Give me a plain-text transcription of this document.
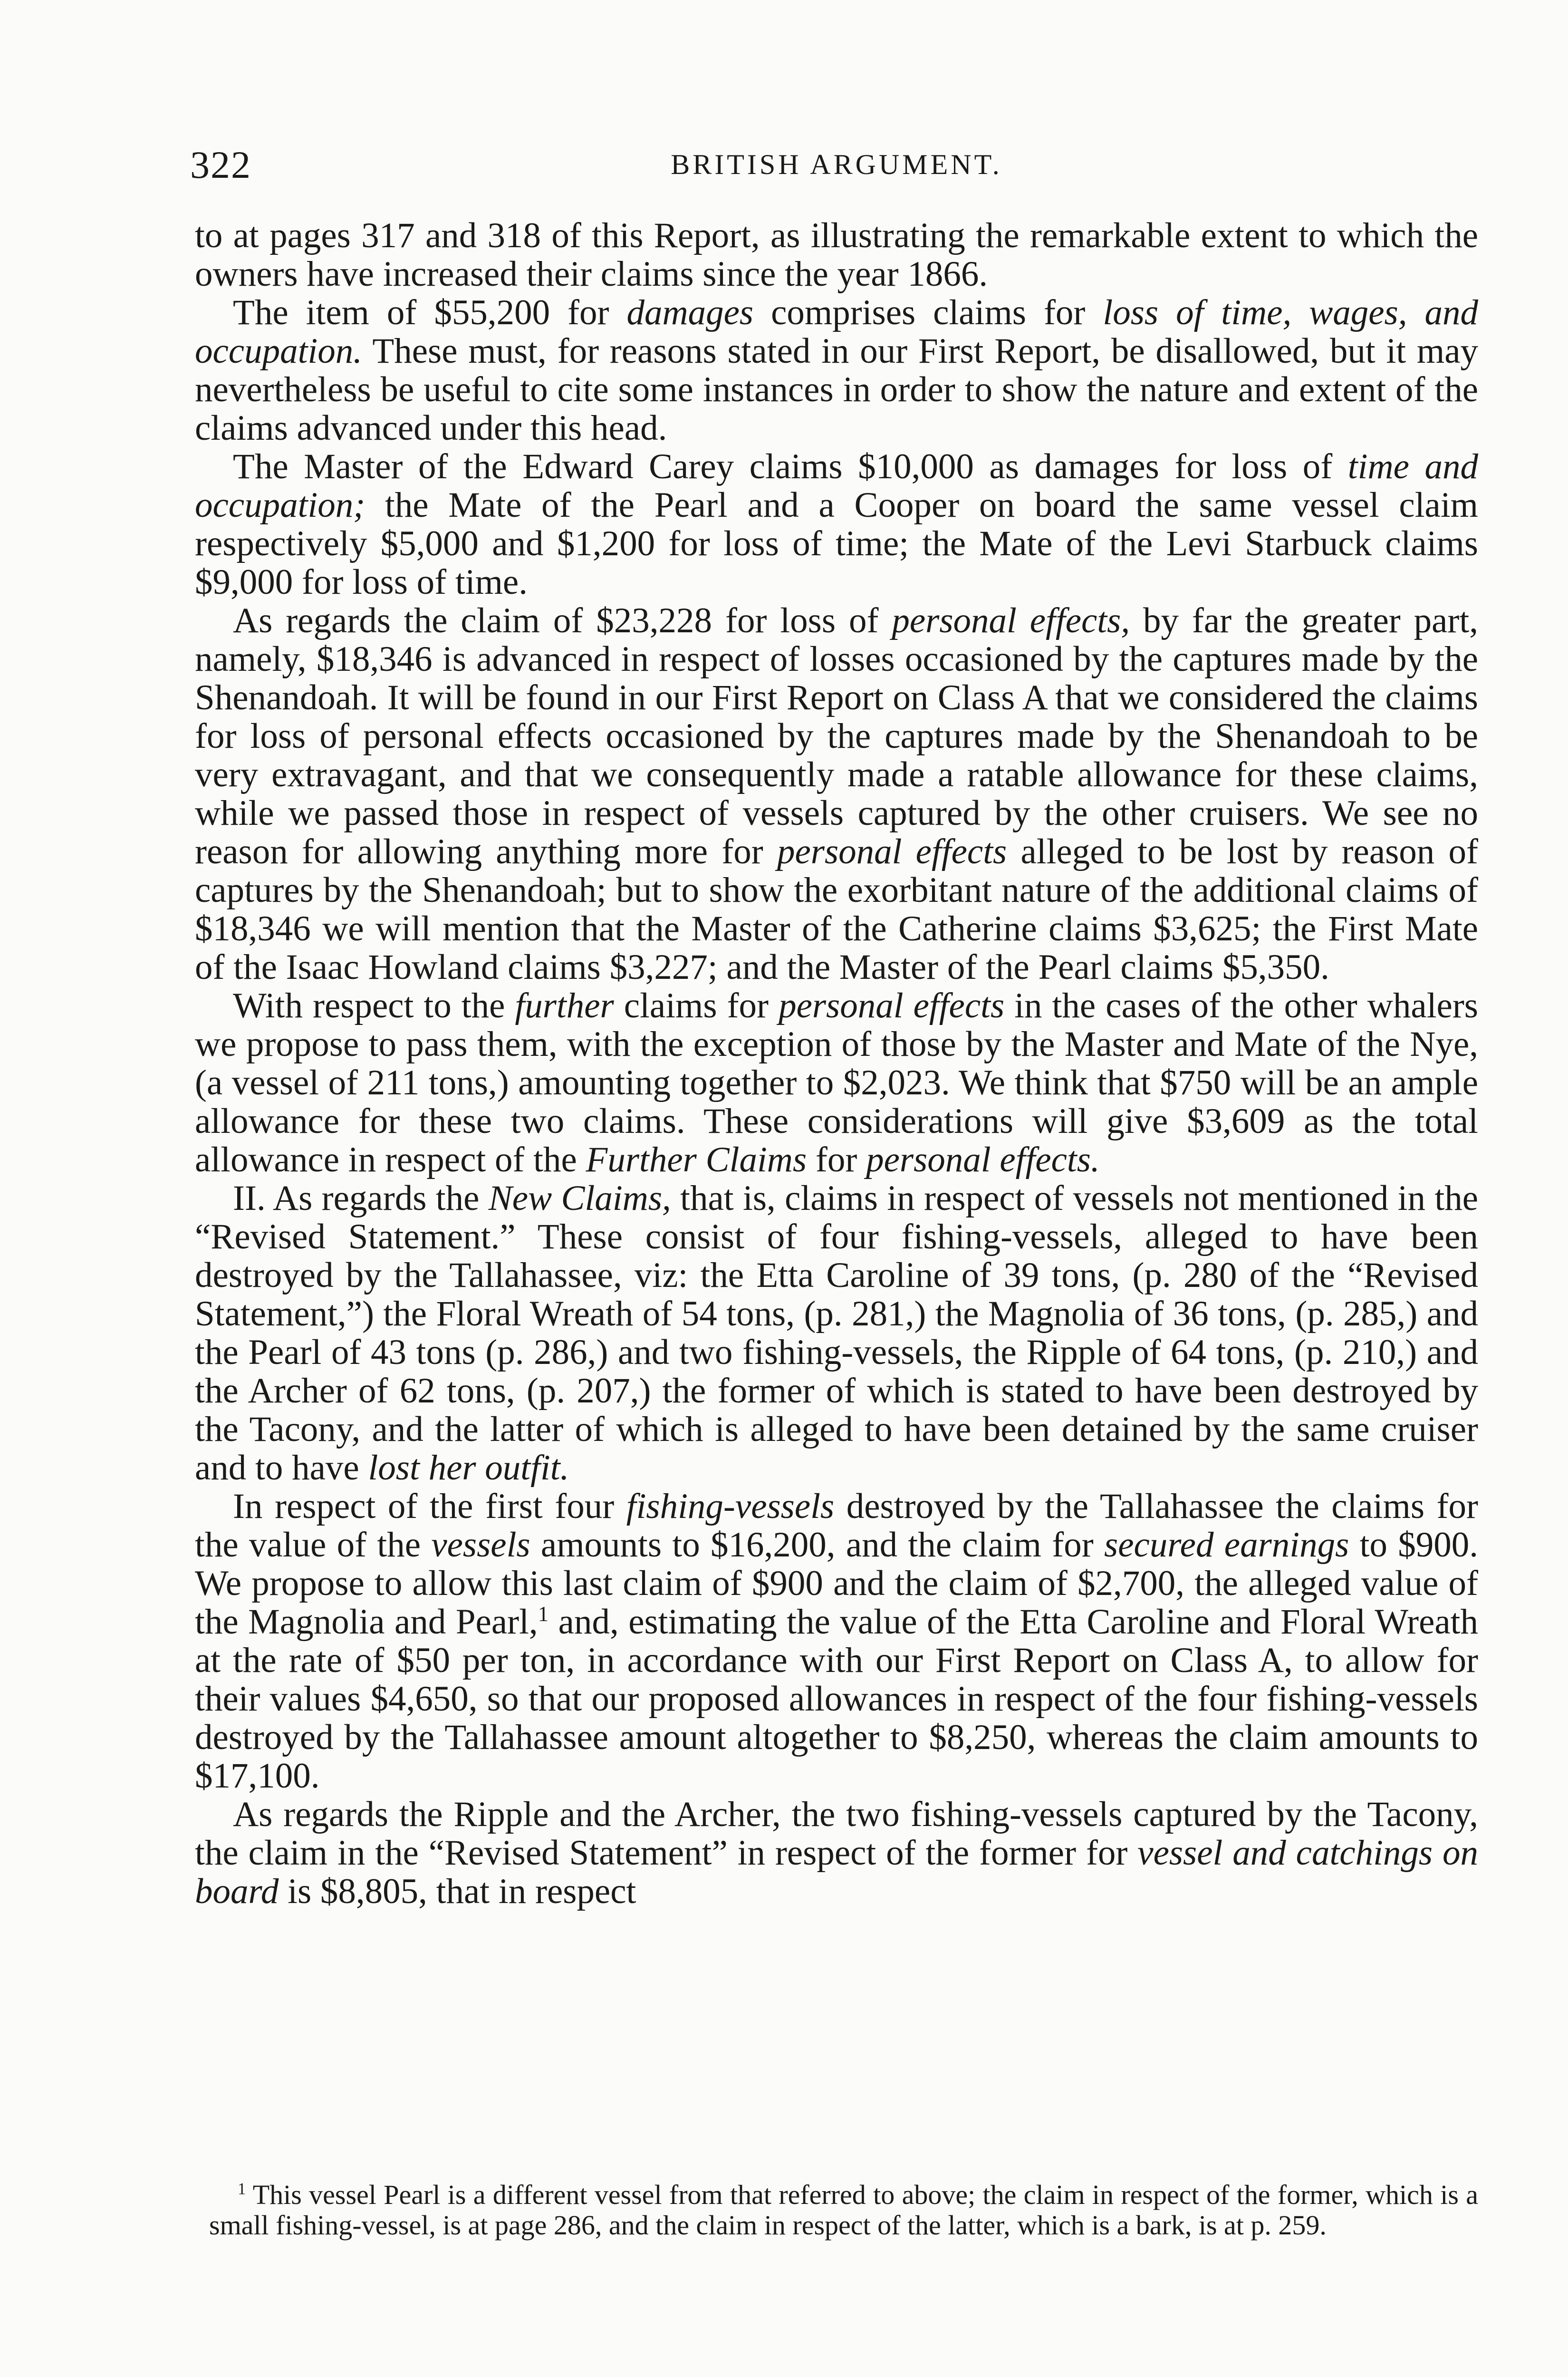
322	BRITISH ARGUMENT.

to at pages 317 and 318 of this Report, as illustrating the remarkable extent to which the owners have increased their claims since the year 1866.

The item of $55,200 for damages comprises claims for loss of time, wages, and occupation. These must, for reasons stated in our First Report, be disallowed, but it may nevertheless be useful to cite some instances in order to show the nature and extent of the claims advanced under this head.

The Master of the Edward Carey claims $10,000 as damages for loss of time and occupation; the Mate of the Pearl and a Cooper on board the same vessel claim respectively $5,000 and $1,200 for loss of time; the Mate of the Levi Starbuck claims $9,000 for loss of time.

As regards the claim of $23,228 for loss of personal effects, by far the greater part, namely, $18,346 is advanced in respect of losses occasioned by the captures made by the Shenandoah. It will be found in our First Report on Class A that we considered the claims for loss of personal effects occasioned by the captures made by the Shenandoah to be very extravagant, and that we consequently made a ratable allowance for these claims, while we passed those in respect of vessels captured by the other cruisers. We see no reason for allowing anything more for personal effects alleged to be lost by reason of captures by the Shenandoah; but to show the exorbitant nature of the additional claims of $18,346 we will mention that the Master of the Catherine claims $3,625; the First Mate of the Isaac Howland claims $3,227; and the Master of the Pearl claims $5,350.

With respect to the further claims for personal effects in the cases of the other whalers we propose to pass them, with the exception of those by the Master and Mate of the Nye, (a vessel of 211 tons,) amounting together to $2,023. We think that $750 will be an ample allowance for these two claims. These considerations will give $3,609 as the total allowance in respect of the Further Claims for personal effects.

II. As regards the New Claims, that is, claims in respect of vessels not mentioned in the “Revised Statement.” These consist of four fishing-vessels, alleged to have been destroyed by the Tallahassee, viz: the Etta Caroline of 39 tons, (p. 280 of the “Revised Statement,”) the Floral Wreath of 54 tons, (p. 281,) the Magnolia of 36 tons, (p. 285,) and the Pearl of 43 tons (p. 286,) and two fishing-vessels, the Ripple of 64 tons, (p. 210,) and the Archer of 62 tons, (p. 207,) the former of which is stated to have been destroyed by the Tacony, and the latter of which is alleged to have been detained by the same cruiser and to have lost her outfit.

In respect of the first four fishing-vessels destroyed by the Tallahassee the claims for the value of the vessels amounts to $16,200, and the claim for secured earnings to $900. We propose to allow this last claim of $900 and the claim of $2,700, the alleged value of the Magnolia and Pearl,$^1$ and, estimating the value of the Etta Caroline and Floral Wreath at the rate of $50 per ton, in accordance with our First Report on Class A, to allow for their values $4,650, so that our proposed allowances in respect of the four fishing-vessels destroyed by the Tallahassee amount altogether to $8,250, whereas the claim amounts to $17,100.

As regards the Ripple and the Archer, the two fishing-vessels captured by the Tacony, the claim in the “Revised Statement” in respect of the former for vessel and catchings on board is $8,805, that in respect

$^1$ This vessel Pearl is a different vessel from that referred to above; the claim in respect of the former, which is a small fishing-vessel, is at page 286, and the claim in respect of the latter, which is a bark, is at p. 259.
